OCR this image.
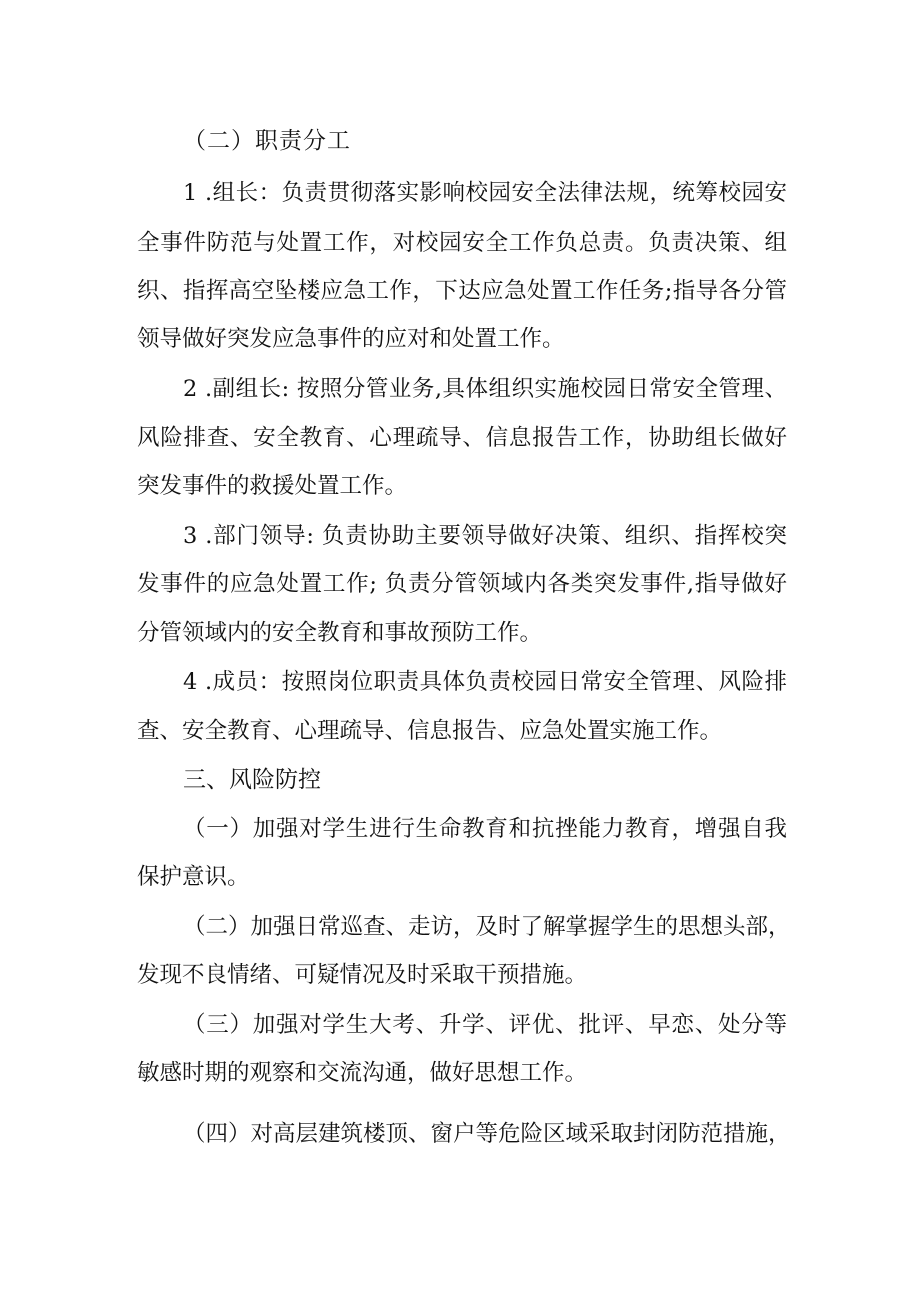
（二）职责分工
1 .组长：负责贯彻落实影响校园安全法律法规，统筹校园安
全事件防范与处置工作，对校园安全工作负总责。负责决策、组
织、指挥高空坠楼应急工作，下达应急处置工作任务;指导各分管
领导做好突发应急事件的应对和处置工作。
2 .副组长: 按照分管业务,具体组织实施校园日常安全管理、
风险排查、安全教育、心理疏导、信息报告工作，协助组长做好
突发事件的救援处置工作。
3 .部门领导: 负责协助主要领导做好决策、组织、指挥校突
发事件的应急处置工作; 负责分管领域内各类突发事件,指导做好
分管领域内的安全教育和事故预防工作。
4 .成员：按照岗位职责具体负责校园日常安全管理、风险排
查、安全教育、心理疏导、信息报告、应急处置实施工作。
三、风险防控
（一）加强对学生进行生命教育和抗挫能力教育，增强自我
保护意识。
（二）加强日常巡查、走访，及时了解掌握学生的思想头部，
发现不良情绪、可疑情况及时采取干预措施。
（三）加强对学生大考、升学、评优、批评、早恋、处分等
敏感时期的观察和交流沟通，做好思想工作。
（四）对高层建筑楼顶、窗户等危险区域采取封闭防范措施，
